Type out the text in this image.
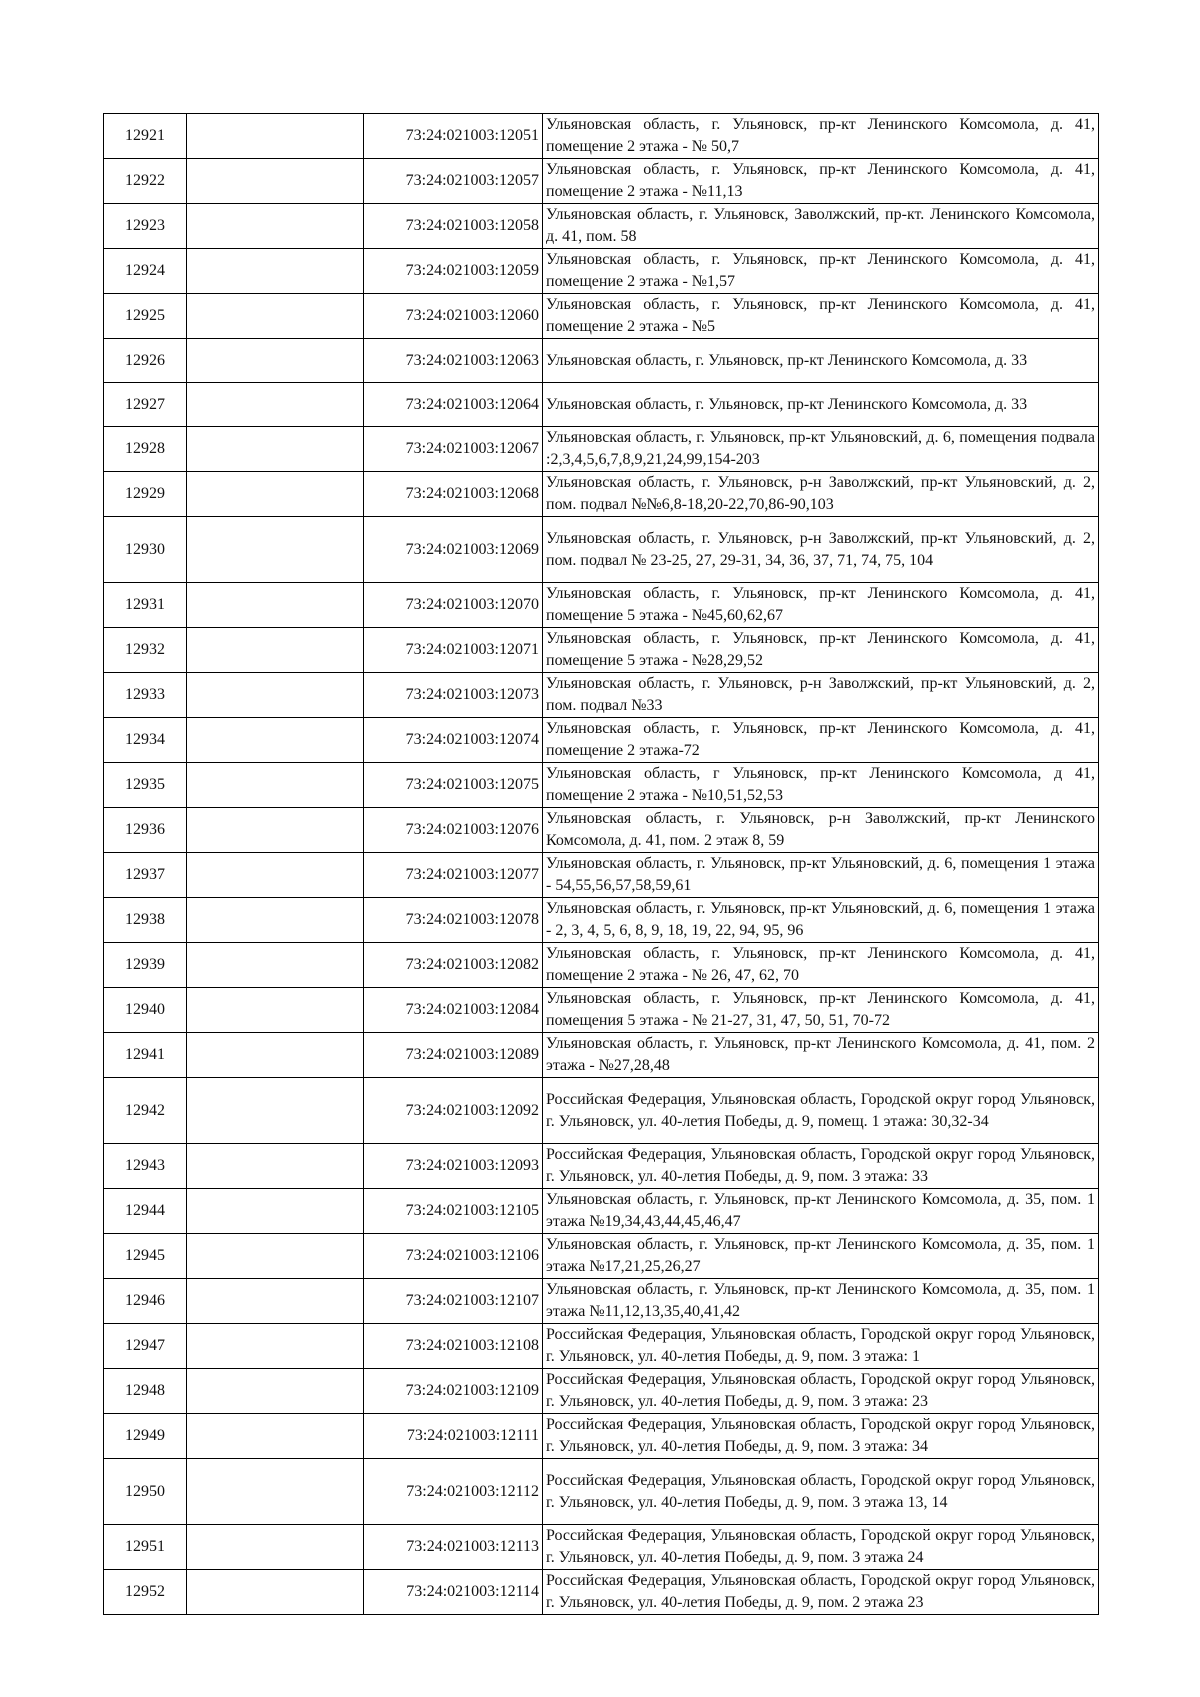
12921		73:24:021003:12051	Ульяновская область, г. Ульяновск, пр-кт Ленинского Комсомола, д. 41, помещение 2 этажа - № 50,7
12922		73:24:021003:12057	Ульяновская область, г. Ульяновск, пр-кт Ленинского Комсомола, д. 41, помещение 2 этажа - №11,13
12923		73:24:021003:12058	Ульяновская область, г. Ульяновск, Заволжский, пр-кт. Ленинского Комсомола, д. 41, пом. 58
12924		73:24:021003:12059	Ульяновская область, г. Ульяновск, пр-кт Ленинского Комсомола, д. 41, помещение 2 этажа - №1,57
12925		73:24:021003:12060	Ульяновская область, г. Ульяновск, пр-кт Ленинского Комсомола, д. 41, помещение 2 этажа - №5
12926		73:24:021003:12063	Ульяновская область, г. Ульяновск, пр-кт Ленинского Комсомола, д. 33
12927		73:24:021003:12064	Ульяновская область, г. Ульяновск, пр-кт Ленинского Комсомола, д. 33
12928		73:24:021003:12067	Ульяновская область, г. Ульяновск, пр-кт Ульяновский, д. 6, помещения подвала :2,3,4,5,6,7,8,9,21,24,99,154-203
12929		73:24:021003:12068	Ульяновская область, г. Ульяновск, р-н Заволжский, пр-кт Ульяновский, д. 2, пом. подвал №№6,8-18,20-22,70,86-90,103
12930		73:24:021003:12069	Ульяновская область, г. Ульяновск, р-н Заволжский, пр-кт Ульяновский, д. 2, пом. подвал № 23-25, 27, 29-31, 34, 36, 37, 71, 74, 75, 104
12931		73:24:021003:12070	Ульяновская область, г. Ульяновск, пр-кт Ленинского Комсомола, д. 41, помещение 5 этажа - №45,60,62,67
12932		73:24:021003:12071	Ульяновская область, г. Ульяновск, пр-кт Ленинского Комсомола, д. 41, помещение 5 этажа - №28,29,52
12933		73:24:021003:12073	Ульяновская область, г. Ульяновск, р-н Заволжский, пр-кт Ульяновский, д. 2, пом. подвал №33
12934		73:24:021003:12074	Ульяновская область, г. Ульяновск, пр-кт Ленинского Комсомола, д. 41, помещение 2 этажа-72
12935		73:24:021003:12075	Ульяновская область, г Ульяновск, пр-кт Ленинского Комсомола, д 41, помещение 2 этажа - №10,51,52,53
12936		73:24:021003:12076	Ульяновская область, г. Ульяновск, р-н Заволжский, пр-кт Ленинского Комсомола, д. 41, пом. 2 этаж 8, 59
12937		73:24:021003:12077	Ульяновская область, г. Ульяновск, пр-кт Ульяновский, д. 6, помещения 1 этажа - 54,55,56,57,58,59,61
12938		73:24:021003:12078	Ульяновская область, г. Ульяновск, пр-кт Ульяновский, д. 6, помещения 1 этажа - 2, 3, 4, 5, 6, 8, 9, 18, 19, 22, 94, 95, 96
12939		73:24:021003:12082	Ульяновская область, г. Ульяновск, пр-кт Ленинского Комсомола, д. 41, помещение 2 этажа - № 26, 47, 62, 70
12940		73:24:021003:12084	Ульяновская область, г. Ульяновск, пр-кт Ленинского Комсомола, д. 41, помещения 5 этажа - № 21-27, 31, 47, 50, 51, 70-72
12941		73:24:021003:12089	Ульяновская область, г. Ульяновск, пр-кт Ленинского Комсомола, д. 41, пом. 2 этажа - №27,28,48
12942		73:24:021003:12092	Российская Федерация, Ульяновская область, Городской округ город Ульяновск, г. Ульяновск, ул. 40-летия Победы, д. 9, помещ. 1 этажа: 30,32-34
12943		73:24:021003:12093	Российская Федерация, Ульяновская область, Городской округ город Ульяновск, г. Ульяновск, ул. 40-летия Победы, д. 9, пом. 3 этажа: 33
12944		73:24:021003:12105	Ульяновская область, г. Ульяновск, пр-кт Ленинского Комсомола, д. 35, пом. 1 этажа №19,34,43,44,45,46,47
12945		73:24:021003:12106	Ульяновская область, г. Ульяновск, пр-кт Ленинского Комсомола, д. 35, пом. 1 этажа №17,21,25,26,27
12946		73:24:021003:12107	Ульяновская область, г. Ульяновск, пр-кт Ленинского Комсомола, д. 35, пом. 1 этажа №11,12,13,35,40,41,42
12947		73:24:021003:12108	Российская Федерация, Ульяновская область, Городской округ город Ульяновск, г. Ульяновск, ул. 40-летия Победы, д. 9, пом. 3 этажа: 1
12948		73:24:021003:12109	Российская Федерация, Ульяновская область, Городской округ город Ульяновск, г. Ульяновск, ул. 40-летия Победы, д. 9, пом. 3 этажа: 23
12949		73:24:021003:12111	Российская Федерация, Ульяновская область, Городской округ город Ульяновск, г. Ульяновск, ул. 40-летия Победы, д. 9, пом. 3 этажа: 34
12950		73:24:021003:12112	Российская Федерация, Ульяновская область, Городской округ город Ульяновск, г. Ульяновск, ул. 40-летия Победы, д. 9, пом. 3 этажа 13, 14
12951		73:24:021003:12113	Российская Федерация, Ульяновская область, Городской округ город Ульяновск, г. Ульяновск, ул. 40-летия Победы, д. 9, пом. 3 этажа 24
12952		73:24:021003:12114	Российская Федерация, Ульяновская область, Городской округ город Ульяновск, г. Ульяновск, ул. 40-летия Победы, д. 9, пом. 2 этажа 23
